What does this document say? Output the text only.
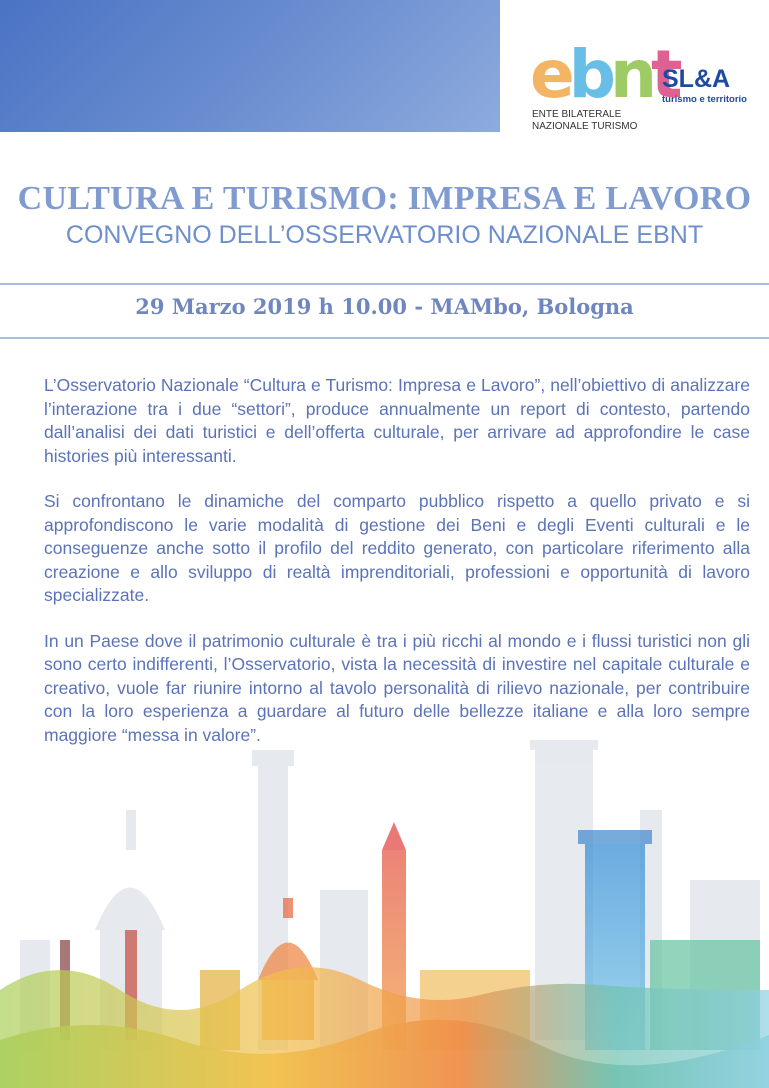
e b n t
ENTE BILATERALE
NAZIONALE TURISMO
SL&A
turismo e territorio
CULTURA E TURISMO: IMPRESA E LAVORO
CONVEGNO DELL’OSSERVATORIO NAZIONALE EBNT
29 Marzo 2019 h 10.00 - MAMbo, Bologna

L’Osservatorio Nazionale “Cultura e Turismo: Impresa e Lavoro”, nell’obiettivo di analizzare l’interazione tra i due “settori”, produce annualmente un report di contesto, partendo dall’analisi dei dati turistici e dell’offerta culturale, per arrivare ad approfondire le case histories più interessanti.

Si confrontano le dinamiche del comparto pubblico rispetto a quello privato e si approfondiscono le varie modalità di gestione dei Beni e degli Eventi culturali e le conseguenze anche sotto il profilo del reddito generato, con particolare riferimento alla creazione e allo sviluppo di realtà imprenditoriali, professioni e opportunità di lavoro specializzate.

In un Paese dove il patrimonio culturale è tra i più ricchi al mondo e i flussi turistici non gli sono certo indifferenti, l’Osservatorio, vista la necessità di investire nel capitale culturale e creativo, vuole far riunire intorno al tavolo personalità di rilievo nazionale, per contribuire con la loro esperienza a guardare al futuro delle bellezze italiane e alla loro sempre maggiore “messa in valore”.
